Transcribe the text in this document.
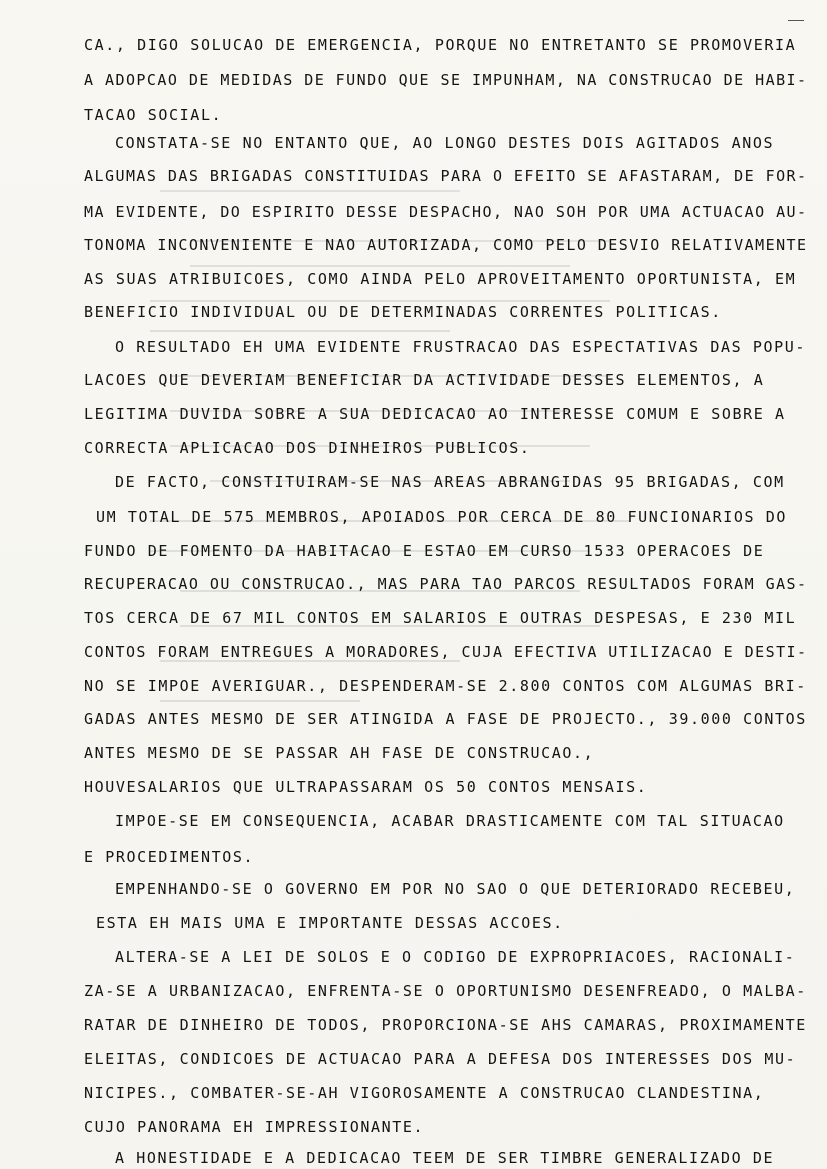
CA., DIGO SOLUCAO DE EMERGENCIA, PORQUE NO ENTRETANTO SE PROMOVERIA
A ADOPCAO DE MEDIDAS DE FUNDO QUE SE IMPUNHAM, NA CONSTRUCAO DE HABI-
TACAO SOCIAL.
CONSTATA-SE NO ENTANTO QUE, AO LONGO DESTES DOIS AGITADOS ANOS
ALGUMAS DAS BRIGADAS CONSTITUIDAS PARA O EFEITO SE AFASTARAM, DE FOR-
MA EVIDENTE, DO ESPIRITO DESSE DESPACHO, NAO SOH POR UMA ACTUACAO AU-
TONOMA INCONVENIENTE E NAO AUTORIZADA, COMO PELO DESVIO RELATIVAMENTE
AS SUAS ATRIBUICOES, COMO AINDA PELO APROVEITAMENTO OPORTUNISTA, EM
BENEFICIO INDIVIDUAL OU DE DETERMINADAS CORRENTES POLITICAS.
O RESULTADO EH UMA EVIDENTE FRUSTRACAO DAS ESPECTATIVAS DAS POPU-
LACOES QUE DEVERIAM BENEFICIAR DA ACTIVIDADE DESSES ELEMENTOS, A
LEGITIMA DUVIDA SOBRE A SUA DEDICACAO AO INTERESSE COMUM E SOBRE A
CORRECTA APLICACAO DOS DINHEIROS PUBLICOS.
DE FACTO, CONSTITUIRAM-SE NAS AREAS ABRANGIDAS 95 BRIGADAS, COM
UM TOTAL DE 575 MEMBROS, APOIADOS POR CERCA DE 80 FUNCIONARIOS DO
FUNDO DE FOMENTO DA HABITACAO E ESTAO EM CURSO 1533 OPERACOES DE
RECUPERACAO OU CONSTRUCAO., MAS PARA TAO PARCOS RESULTADOS FORAM GAS-
TOS CERCA DE 67 MIL CONTOS EM SALARIOS E OUTRAS DESPESAS, E 230 MIL
CONTOS FORAM ENTREGUES A MORADORES, CUJA EFECTIVA UTILIZACAO E DESTI-
NO SE IMPOE AVERIGUAR., DESPENDERAM-SE 2.800 CONTOS COM ALGUMAS BRI-
GADAS ANTES MESMO DE SER ATINGIDA A FASE DE PROJECTO., 39.000 CONTOS
ANTES MESMO DE SE PASSAR AH FASE DE CONSTRUCAO.,
HOUVESALARIOS QUE ULTRAPASSARAM OS 50 CONTOS MENSAIS.
IMPOE-SE EM CONSEQUENCIA, ACABAR DRASTICAMENTE COM TAL SITUACAO
E PROCEDIMENTOS.
EMPENHANDO-SE O GOVERNO EM POR NO SAO O QUE DETERIORADO RECEBEU,
ESTA EH MAIS UMA E IMPORTANTE DESSAS ACCOES.
ALTERA-SE A LEI DE SOLOS E O CODIGO DE EXPROPRIACOES, RACIONALI-
ZA-SE A URBANIZACAO, ENFRENTA-SE O OPORTUNISMO DESENFREADO, O MALBA-
RATAR DE DINHEIRO DE TODOS, PROPORCIONA-SE AHS CAMARAS, PROXIMAMENTE
ELEITAS, CONDICOES DE ACTUACAO PARA A DEFESA DOS INTERESSES DOS MU-
NICIPES., COMBATER-SE-AH VIGOROSAMENTE A CONSTRUCAO CLANDESTINA,
CUJO PANORAMA EH IMPRESSIONANTE.
A HONESTIDADE E A DEDICACAO TEEM DE SER TIMBRE GENERALIZADO DE
